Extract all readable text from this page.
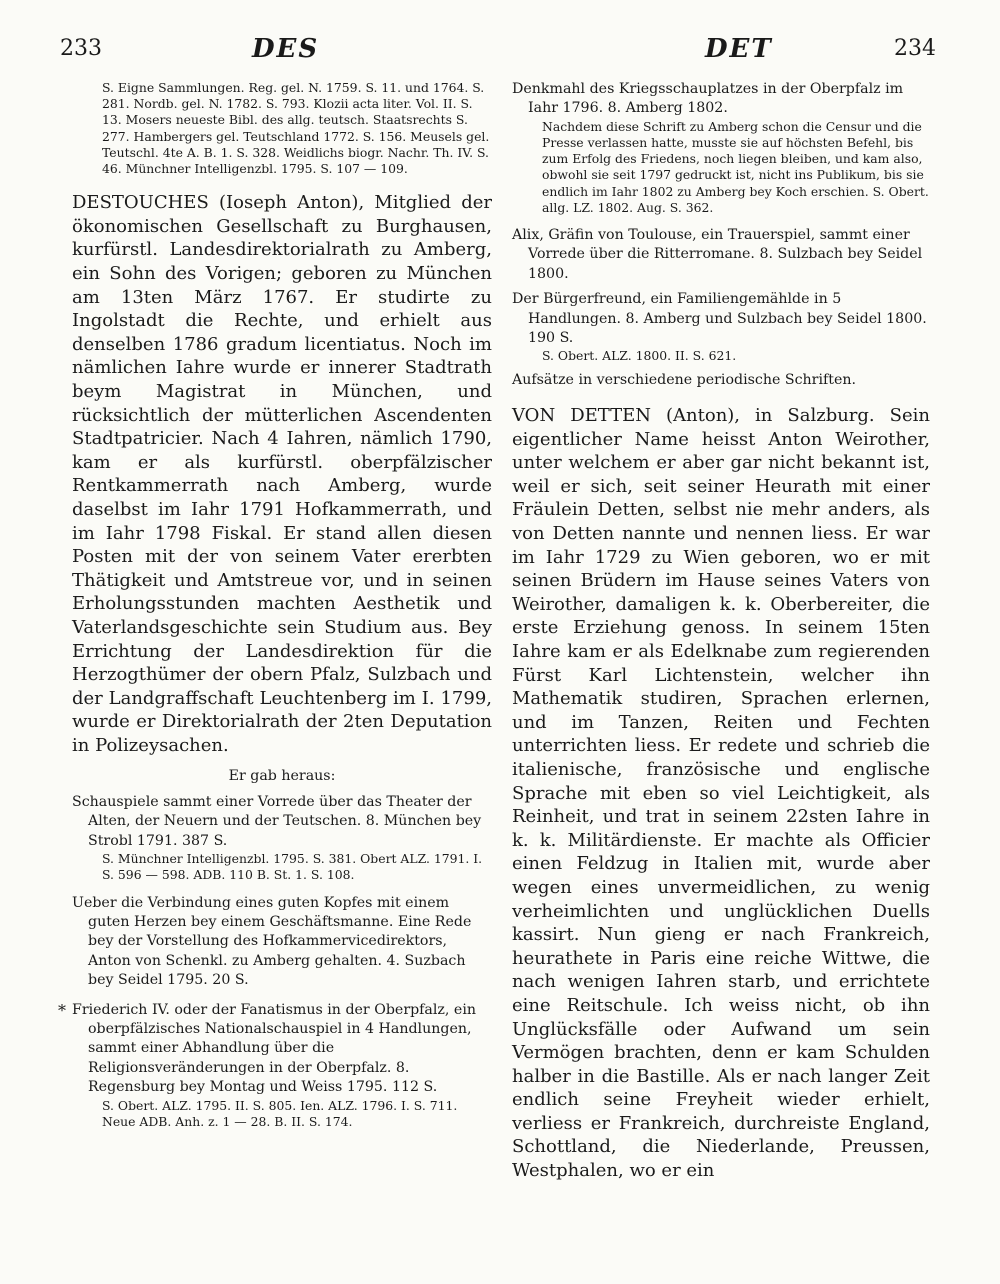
233	DES	DET	234

S. Eigne Sammlungen. Reg. gel. N. 1759. S. 11. und 1764. S. 281. Nordb. gel. N. 1782. S. 793. Klozii acta liter. Vol. II. S. 13. Mosers neueste Bibl. des allg. teutsch. Staatsrechts S. 277. Hambergers gel. Teutschland 1772. S. 156. Meusels gel. Teutschl. 4te A. B. 1. S. 328. Weidlichs biogr. Nachr. Th. IV. S. 46. Münchner Intelligenzbl. 1795. S. 107 — 109.

DESTOUCHES (Ioseph Anton), Mitglied der ökonomischen Gesellschaft zu Burghausen, kurfürstl. Landesdirektorialrath zu Amberg, ein Sohn des Vorigen; geboren zu München am 13ten März 1767. Er studirte zu Ingolstadt die Rechte, und erhielt aus denselben 1786 gradum licentiatus. Noch im nämlichen Iahre wurde er innerer Stadtrath beym Magistrat in München, und rücksichtlich der mütterlichen Ascendenten Stadtpatricier. Nach 4 Iahren, nämlich 1790, kam er als kurfürstl. oberpfälzischer Rentkammerrath nach Amberg, wurde daselbst im Iahr 1791 Hofkammerrath, und im Iahr 1798 Fiskal. Er stand allen diesen Posten mit der von seinem Vater ererbten Thätigkeit und Amtstreue vor, und in seinen Erholungsstunden machten Aesthetik und Vaterlandsgeschichte sein Studium aus. Bey Errichtung der Landesdirektion für die Herzogthümer der obern Pfalz, Sulzbach und der Landgraffschaft Leuchtenberg im I. 1799, wurde er Direktorialrath der 2ten Deputation in Polizeysachen.

Er gab heraus:

Schauspiele sammt einer Vorrede über das Theater der Alten, der Neuern und der Teutschen. 8. München bey Strobl 1791. 387 S.

S. Münchner Intelligenzbl. 1795. S. 381. Obert ALZ. 1791. I. S. 596 — 598. ADB. 110 B. St. 1. S. 108.

Ueber die Verbindung eines guten Kopfes mit einem guten Herzen bey einem Geschäftsmanne. Eine Rede bey der Vorstellung des Hofkammervicedirektors, Anton von Schenkl. zu Amberg gehalten. 4. Suzbach bey Seidel 1795. 20 S.

* Friederich IV. oder der Fanatismus in der Oberpfalz, ein oberpfälzisches Nationalschauspiel in 4 Handlungen, sammt einer Abhandlung über die Religionsveränderungen in der Oberpfalz. 8. Regensburg bey Montag und Weiss 1795. 112 S.

S. Obert. ALZ. 1795. II. S. 805. Ien. ALZ. 1796. I. S. 711. Neue ADB. Anh. z. 1 — 28. B. II. S. 174.

Denkmahl des Kriegsschauplatzes in der Oberpfalz im Iahr 1796. 8. Amberg 1802.

Nachdem diese Schrift zu Amberg schon die Censur und die Presse verlassen hatte, musste sie auf höchsten Befehl, bis zum Erfolg des Friedens, noch liegen bleiben, und kam also, obwohl sie seit 1797 gedruckt ist, nicht ins Publikum, bis sie endlich im Iahr 1802 zu Amberg bey Koch erschien. S. Obert. allg. LZ. 1802. Aug. S. 362.

Alix, Gräfin von Toulouse, ein Trauerspiel, sammt einer Vorrede über die Ritterromane. 8. Sulzbach bey Seidel 1800.

Der Bürgerfreund, ein Familiengemählde in 5 Handlungen. 8. Amberg und Sulzbach bey Seidel 1800. 190 S.

S. Obert. ALZ. 1800. II. S. 621.

Aufsätze in verschiedene periodische Schriften.

VON DETTEN (Anton), in Salzburg. Sein eigentlicher Name heisst Anton Weirother, unter welchem er aber gar nicht bekannt ist, weil er sich, seit seiner Heurath mit einer Fräulein Detten, selbst nie mehr anders, als von Detten nannte und nennen liess. Er war im Iahr 1729 zu Wien geboren, wo er mit seinen Brüdern im Hause seines Vaters von Weirother, damaligen k. k. Oberbereiter, die erste Erziehung genoss. In seinem 15ten Iahre kam er als Edelknabe zum regierenden Fürst Karl Lichtenstein, welcher ihn Mathematik studiren, Sprachen erlernen, und im Tanzen, Reiten und Fechten unterrichten liess. Er redete und schrieb die italienische, französische und englische Sprache mit eben so viel Leichtigkeit, als Reinheit, und trat in seinem 22sten Iahre in k. k. Militärdienste. Er machte als Officier einen Feldzug in Italien mit, wurde aber wegen eines unvermeidlichen, zu wenig verheimlichten und unglücklichen Duells kassirt. Nun gieng er nach Frankreich, heurathete in Paris eine reiche Wittwe, die nach wenigen Iahren starb, und errichtete eine Reitschule. Ich weiss nicht, ob ihn Unglücksfälle oder Aufwand um sein Vermögen brachten, denn er kam Schulden halber in die Bastille. Als er nach langer Zeit endlich seine Freyheit wieder erhielt, verliess er Frankreich, durchreiste England, Schottland, die Niederlande, Preussen, Westphalen, wo er ein
